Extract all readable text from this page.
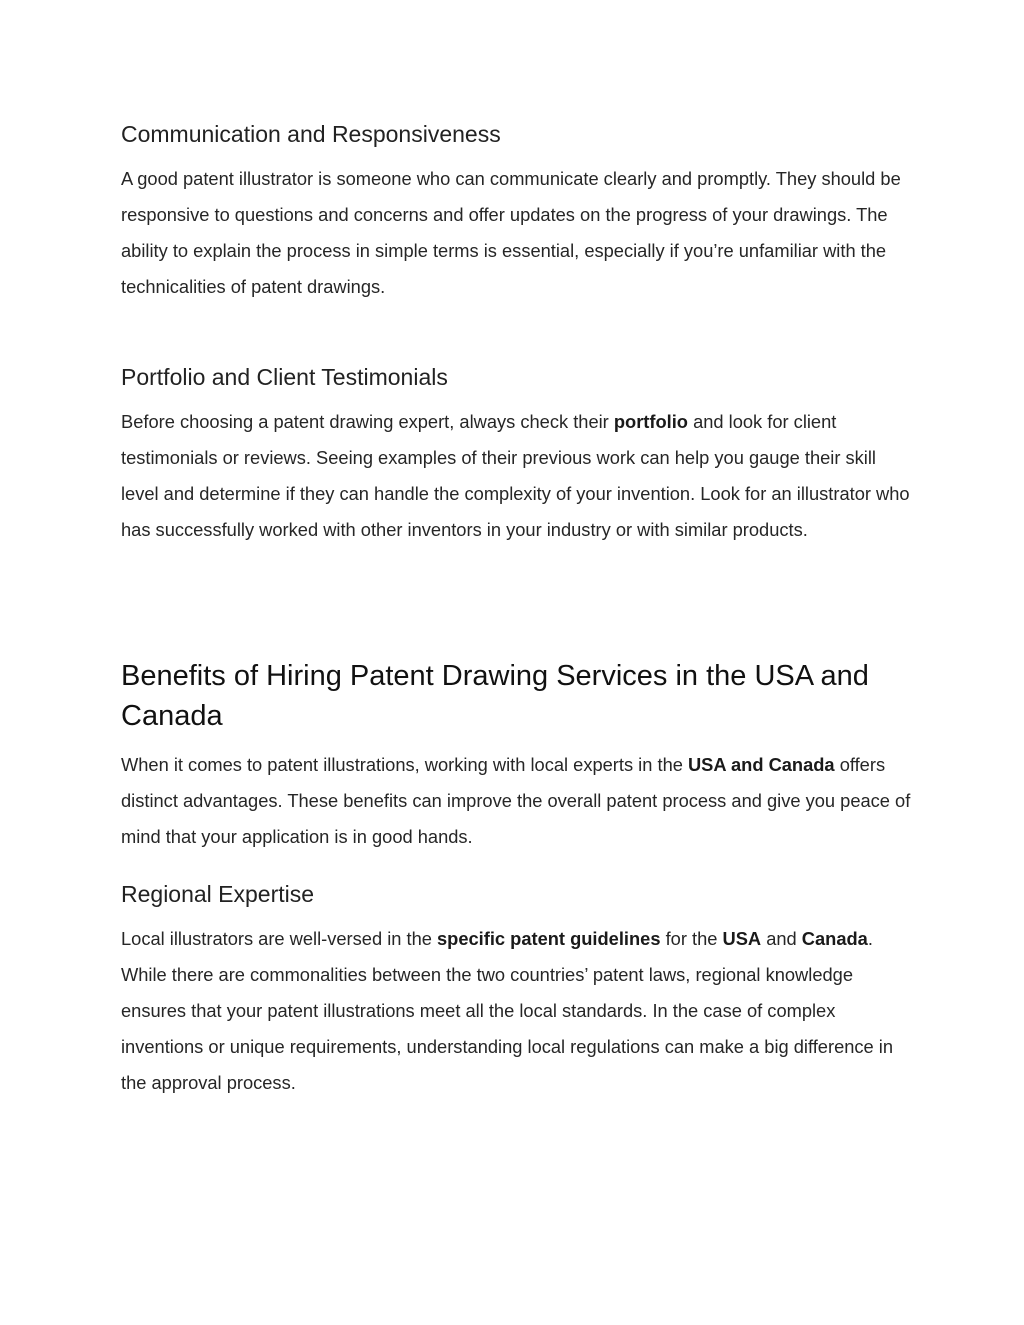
Communication and Responsiveness

A good patent illustrator is someone who can communicate clearly and promptly. They should be responsive to questions and concerns and offer updates on the progress of your drawings. The ability to explain the process in simple terms is essential, especially if you’re unfamiliar with the technicalities of patent drawings.

Portfolio and Client Testimonials

Before choosing a patent drawing expert, always check their portfolio and look for client testimonials or reviews. Seeing examples of their previous work can help you gauge their skill level and determine if they can handle the complexity of your invention. Look for an illustrator who has successfully worked with other inventors in your industry or with similar products.

Benefits of Hiring Patent Drawing Services in the USA and Canada

When it comes to patent illustrations, working with local experts in the USA and Canada offers distinct advantages. These benefits can improve the overall patent process and give you peace of mind that your application is in good hands.

Regional Expertise

Local illustrators are well-versed in the specific patent guidelines for the USA and Canada. While there are commonalities between the two countries’ patent laws, regional knowledge ensures that your patent illustrations meet all the local standards. In the case of complex inventions or unique requirements, understanding local regulations can make a big difference in the approval process.
